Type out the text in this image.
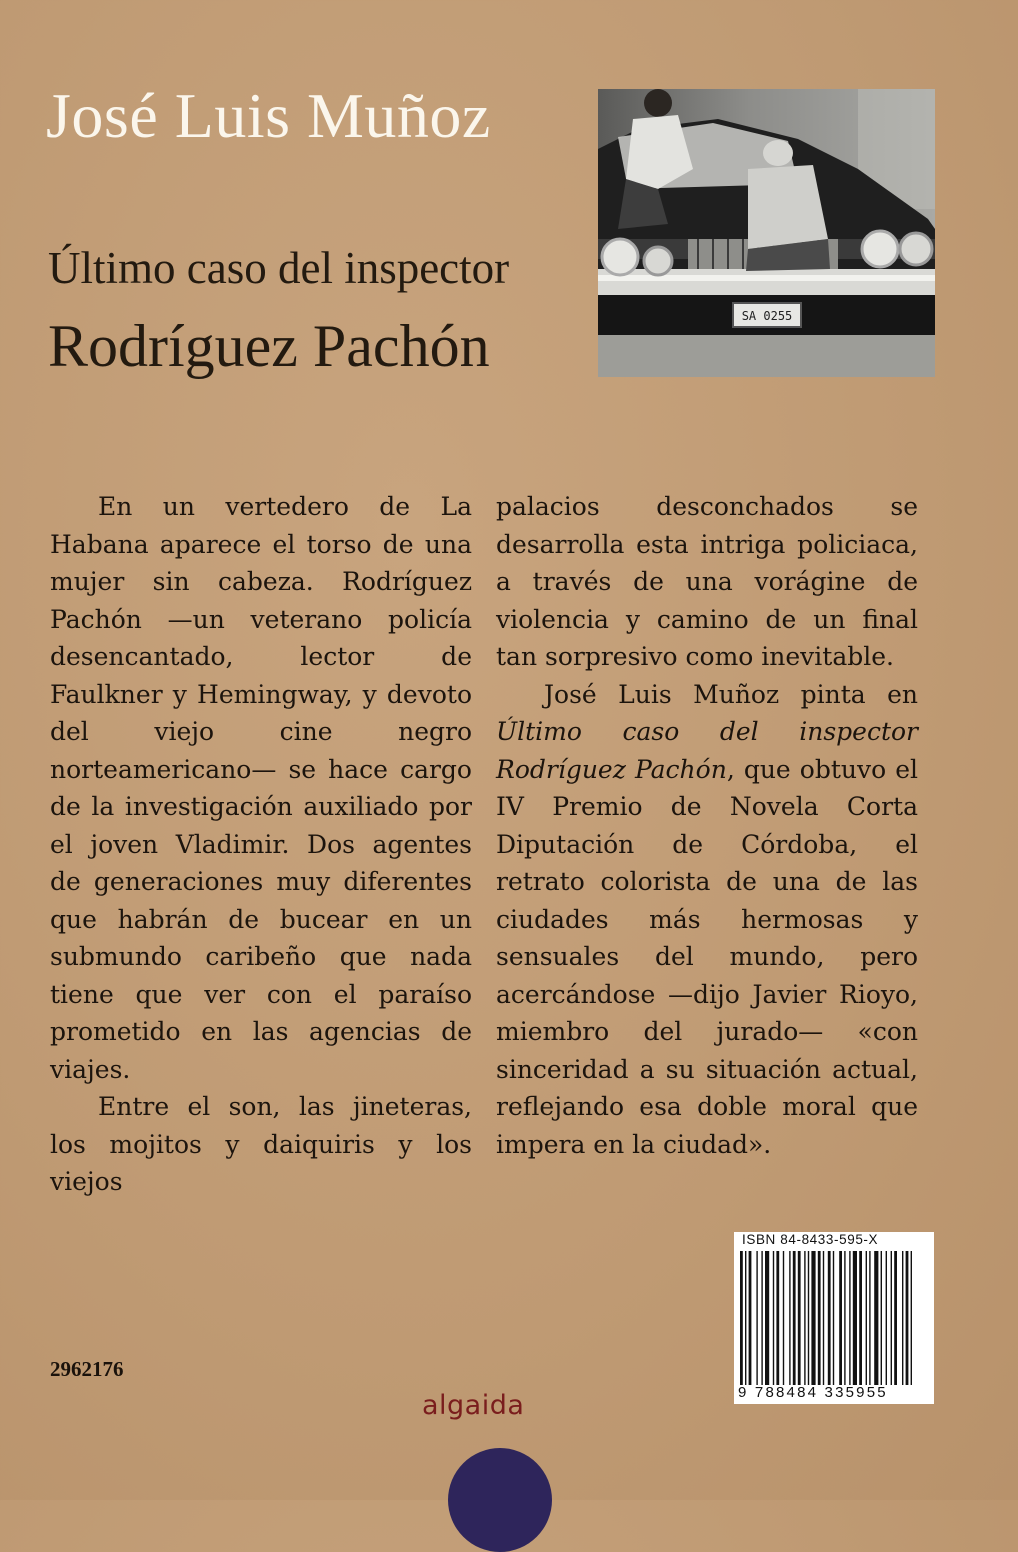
José Luis Muñoz
SA 0255
Último caso del inspector
Rodríguez Pachón

En un vertedero de La Habana aparece el torso de una mujer sin cabeza. Rodríguez Pachón —un veterano policía desencantado, lector de Faulkner y Hemingway, y devoto del viejo cine negro norteamericano— se hace cargo de la investigación auxiliado por el joven Vladimir. Dos agentes de generaciones muy diferentes que habrán de bucear en un submundo caribeño que nada tiene que ver con el paraíso prometido en las agencias de viajes.

Entre el son, las jineteras, los mojitos y daiquiris y los viejos

palacios desconchados se desarrolla esta intriga policiaca, a través de una vorágine de violencia y camino de un final tan sorpresivo como inevitable.

José Luis Muñoz pinta en Último caso del inspector Rodríguez Pachón, que obtuvo el IV Premio de Novela Corta Diputación de Córdoba, el retrato colorista de una de las ciudades más hermosas y sensuales del mundo, pero acercándose —dijo Javier Rioyo, miembro del jurado— «con sinceridad a su situación actual, reflejando esa doble moral que impera en la ciudad».

ISBN 84-8433-595-X
9 788484 335955
2962176
algaida
